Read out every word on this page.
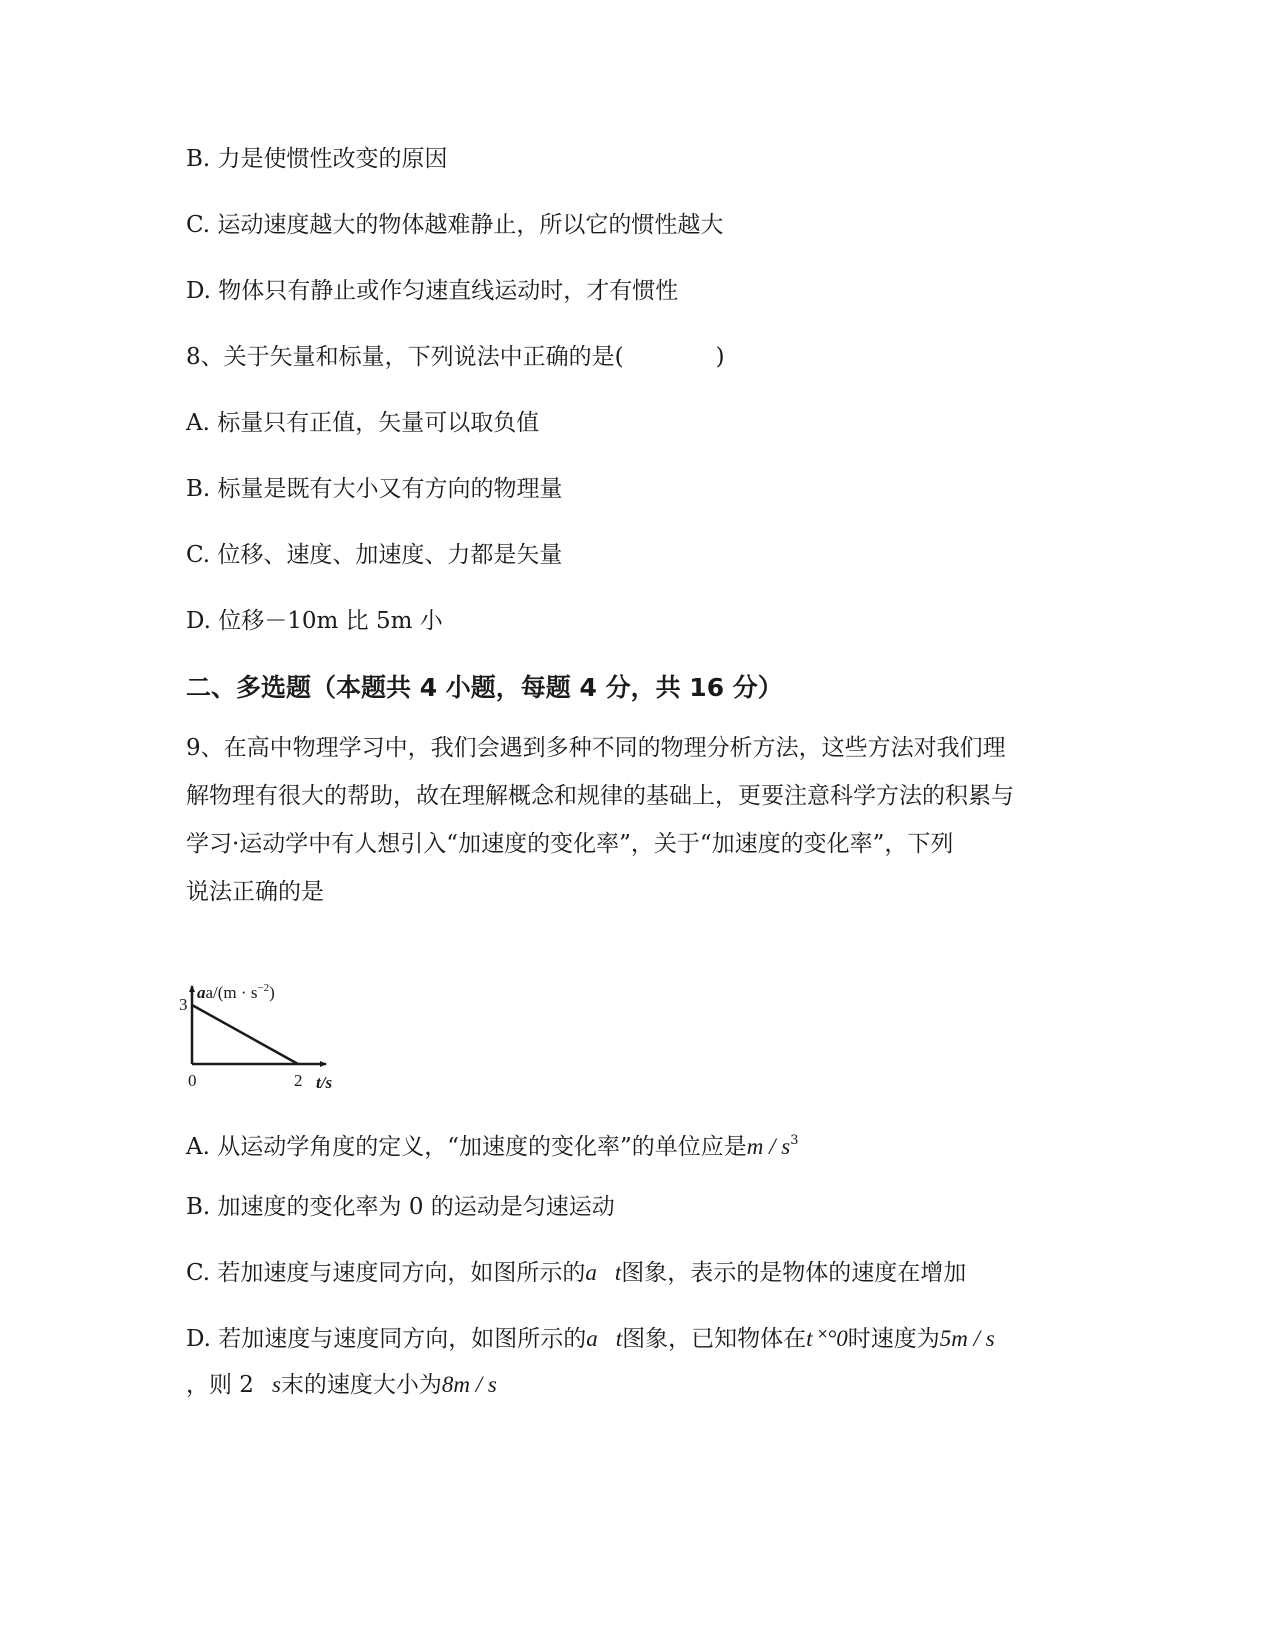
B. 力是使惯性改变的原因
C. 运动速度越大的物体越难静止，所以它的惯性越大
D. 物体只有静止或作匀速直线运动时，才有惯性
8、关于矢量和标量，下列说法中正确的是(　　　　)
A. 标量只有正值，矢量可以取负值
B. 标量是既有大小又有方向的物理量
C. 位移、速度、加速度、力都是矢量
D. 位移－10m 比 5m 小
二、多选题（本题共 4 小题，每题 4 分，共 16 分）
9、在高中物理学习中，我们会遇到多种不同的物理分析方法，这些方法对我们理
解物理有很大的帮助，故在理解概念和规律的基础上，更要注意科学方法的积累与
学习·运动学中有人想引入“加速度的变化率”，关于“加速度的变化率”，下列
说法正确的是
$aa/(m \cdot s^{-2})$
3
0	2 t/s
A. 从运动学角度的定义，“加速度的变化率”的单位应是m / $s^3$
B. 加速度的变化率为 0 的运动是匀速运动
C. 若加速度与速度同方向，如图所示的a t图象，表示的是物体的速度在增加
D. 若加速度与速度同方向，如图所示的a t图象，已知物体在t ˟°0时速度为5m / s
，则 2 s末的速度大小为8m / s
